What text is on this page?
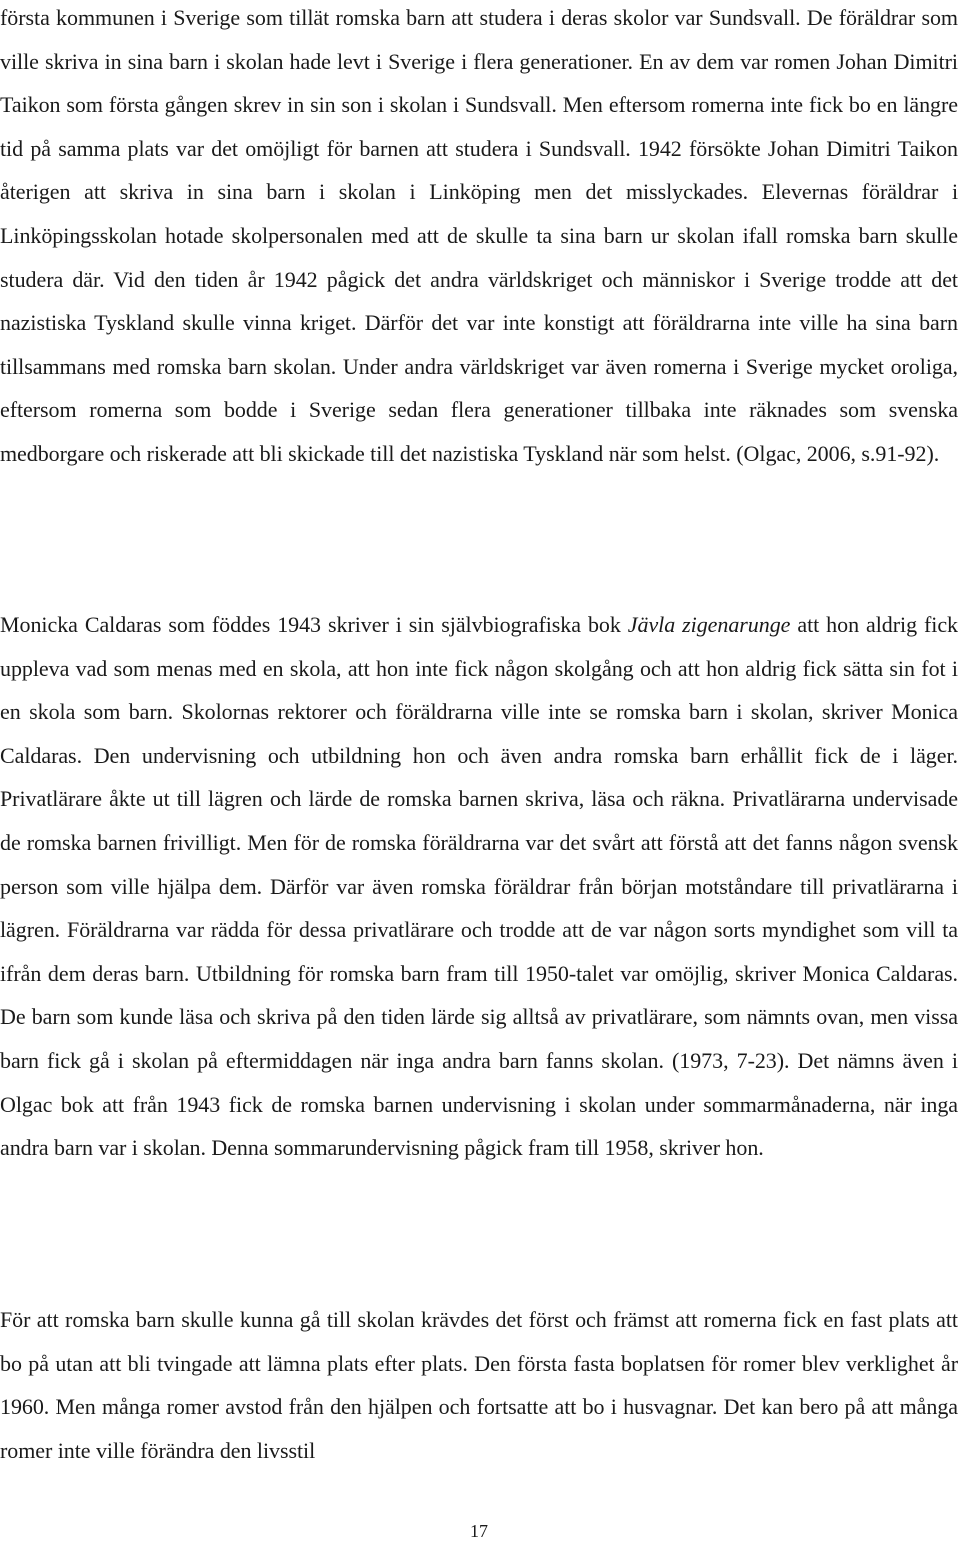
första kommunen i Sverige som tillät romska barn att studera i deras skolor var Sundsvall. De föräldrar som ville skriva in sina barn i skolan hade levt i Sverige i flera generationer. En av dem var romen Johan Dimitri Taikon som första gången skrev in sin son i skolan i Sundsvall. Men eftersom romerna inte fick bo en längre tid på samma plats var det omöjligt för barnen att studera i Sundsvall. 1942 försökte Johan Dimitri Taikon återigen att skriva in sina barn i skolan i Linköping men det misslyckades. Elevernas föräldrar i Linköpingsskolan hotade skolpersonalen med att de skulle ta sina barn ur skolan ifall romska barn skulle studera där. Vid den tiden år 1942 pågick det andra världskriget och människor i Sverige trodde att det nazistiska Tyskland skulle vinna kriget. Därför det var inte konstigt att föräldrarna inte ville ha sina barn tillsammans med romska barn skolan. Under andra världskriget var även romerna i Sverige mycket oroliga, eftersom romerna som bodde i Sverige sedan flera generationer tillbaka inte räknades som svenska medborgare och riskerade att bli skickade till det nazistiska Tyskland när som helst. (Olgac, 2006, s.91-92).

Monicka Caldaras som föddes 1943 skriver i sin självbiografiska bok Jävla zigenarunge att hon aldrig fick uppleva vad som menas med en skola, att hon inte fick någon skolgång och att hon aldrig fick sätta sin fot i en skola som barn. Skolornas rektorer och föräldrarna ville inte se romska barn i skolan, skriver Monica Caldaras. Den undervisning och utbildning hon och även andra romska barn erhållit fick de i läger. Privatlärare åkte ut till lägren och lärde de romska barnen skriva, läsa och räkna. Privatlärarna undervisade de romska barnen frivilligt. Men för de romska föräldrarna var det svårt att förstå att det fanns någon svensk person som ville hjälpa dem. Därför var även romska föräldrar från början motståndare till privatlärarna i lägren. Föräldrarna var rädda för dessa privatlärare och trodde att de var någon sorts myndighet som vill ta ifrån dem deras barn. Utbildning för romska barn fram till 1950-talet var omöjlig, skriver Monica Caldaras. De barn som kunde läsa och skriva på den tiden lärde sig alltså av privatlärare, som nämnts ovan, men vissa barn fick gå i skolan på eftermiddagen när inga andra barn fanns skolan. (1973, 7-23). Det nämns även i Olgac bok att från 1943 fick de romska barnen undervisning i skolan under sommarmånaderna, när inga andra barn var i skolan. Denna sommarundervisning pågick fram till 1958, skriver hon.

För att romska barn skulle kunna gå till skolan krävdes det först och främst att romerna fick en fast plats att bo på utan att bli tvingade att lämna plats efter plats. Den första fasta boplatsen för romer blev verklighet år 1960. Men många romer avstod från den hjälpen och fortsatte att bo i husvagnar. Det kan bero på att många romer inte ville förändra den livsstil

17
